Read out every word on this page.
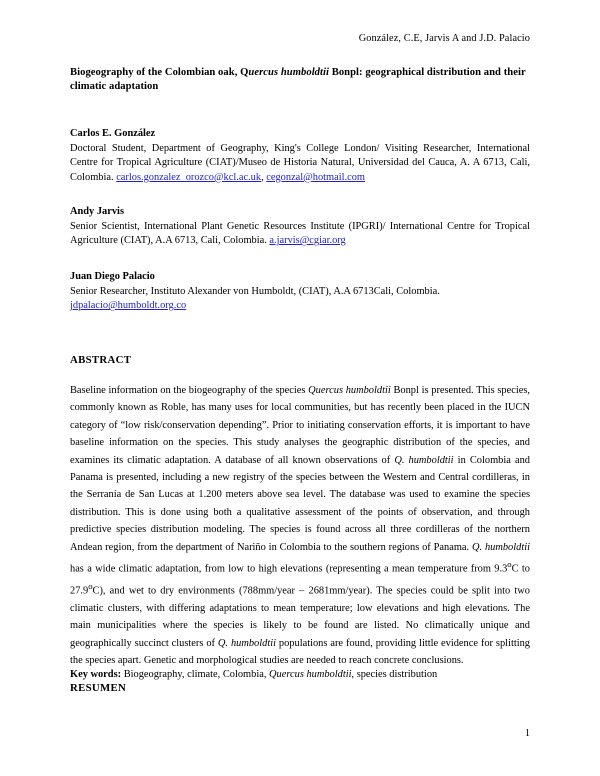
González, C.E, Jarvis A and J.D. Palacio
Biogeography of the Colombian oak, Quercus humboldtii Bonpl: geographical distribution and their climatic adaptation
Carlos E. González
Doctoral Student, Department of Geography, King's College London/ Visiting Researcher, International Centre for Tropical Agriculture (CIAT)/Museo de Historia Natural, Universidad del Cauca, A. A 6713, Cali, Colombia. carlos.gonzalez_orozco@kcl.ac.uk, cegonzal@hotmail.com
Andy Jarvis
Senior Scientist, International Plant Genetic Resources Institute (IPGRI)/ International Centre for Tropical Agriculture (CIAT), A.A 6713, Cali, Colombia. a.jarvis@cgiar.org
Juan Diego Palacio
Senior Researcher, Instituto Alexander von Humboldt, (CIAT), A.A 6713Cali, Colombia. jdpalacio@humboldt.org.co
ABSTRACT

Baseline information on the biogeography of the species Quercus humboldtii Bonpl is presented. This species, commonly known as Roble, has many uses for local communities, but has recently been placed in the IUCN category of “low risk/conservation depending”. Prior to initiating conservation efforts, it is important to have baseline information on the species. This study analyses the geographic distribution of the species, and examines its climatic adaptation. A database of all known observations of Q. humboldtii in Colombia and Panama is presented, including a new registry of the species between the Western and Central cordilleras, in the Serranía de San Lucas at 1.200 meters above sea level. The database was used to examine the species distribution. This is done using both a qualitative assessment of the points of observation, and through predictive species distribution modeling. The species is found across all three cordilleras of the northern Andean region, from the department of Nariño in Colombia to the southern regions of Panama. Q. humboldtii has a wide climatic adaptation, from low to high elevations (representing a mean temperature from 9.3$^o$C to 27.9$^o$C), and wet to dry environments (788mm/year – 2681mm/year). The species could be split into two climatic clusters, with differing adaptations to mean temperature; low elevations and high elevations. The main municipalities where the species is likely to be found are listed. No climatically unique and geographically succinct clusters of Q. humboldtii populations are found, providing little evidence for splitting the species apart. Genetic and morphological studies are needed to reach concrete conclusions.

Key words: Biogeography, climate, Colombia, Quercus humboldtii, species distribution
RESUMEN
1
